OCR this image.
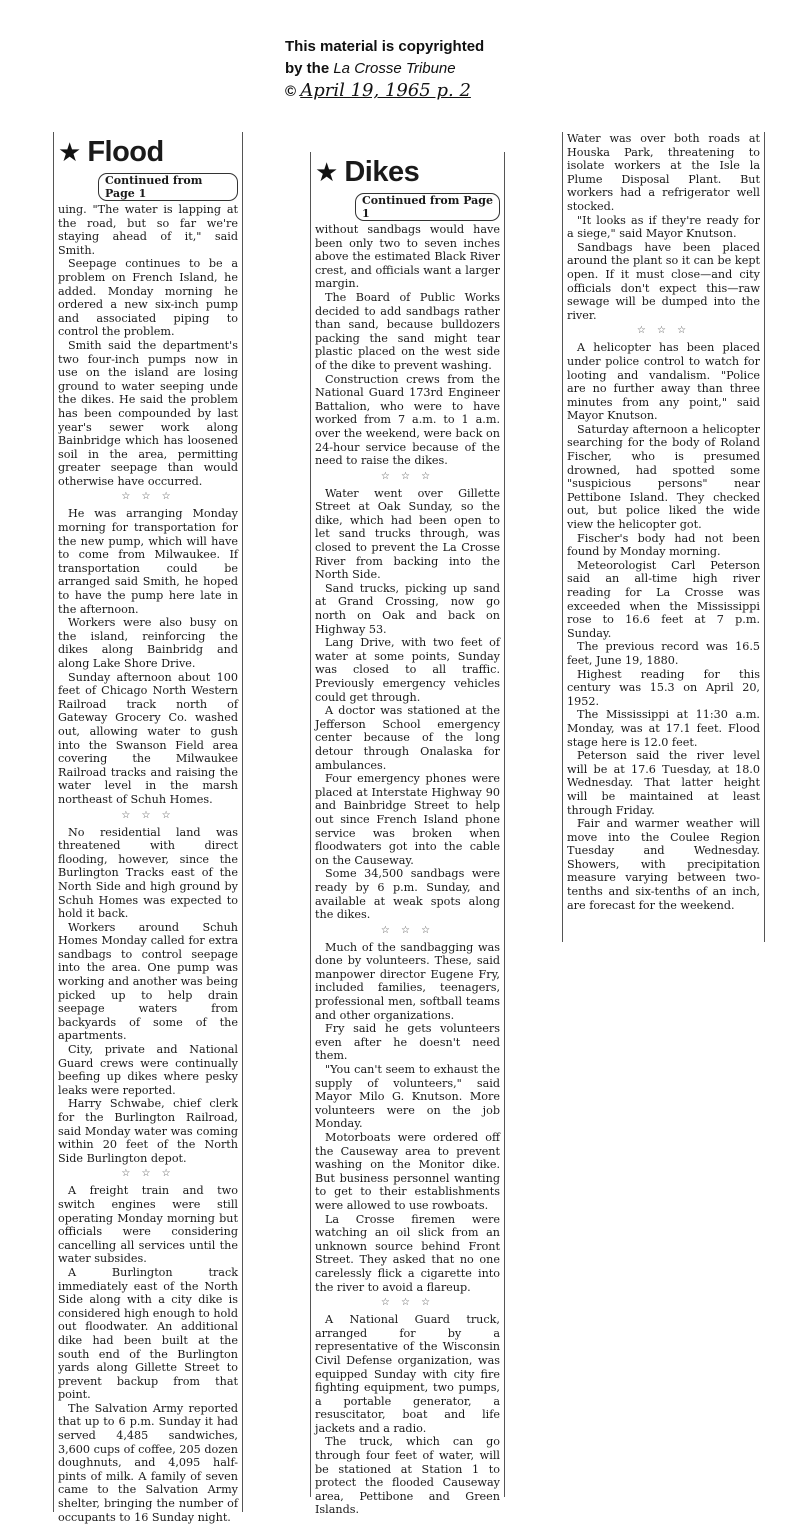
This material is copyrighted
by the La Crosse Tribune
© April 19, 1965 p. 2
★ Flood
Continued from Page 1

uing. "The water is lapping at the road, but so far we're staying ahead of it," said Smith.

Seepage continues to be a problem on French Island, he added. Monday morning he ordered a new six-inch pump and associated piping to control the problem.

Smith said the department's two four-inch pumps now in use on the island are losing ground to water seeping unde the dikes. He said the problem has been compounded by last year's sewer work along Bainbridge which has loosened soil in the area, permitting greater seepage than would otherwise have occurred.

☆ ☆ ☆

He was arranging Monday morning for transportation for the new pump, which will have to come from Milwaukee. If transportation could be arranged said Smith, he hoped to have the pump here late in the afternoon.

Workers were also busy on the island, reinforcing the dikes along Bainbridg and along Lake Shore Drive.

Sunday afternoon about 100 feet of Chicago North Western Railroad track north of Gateway Grocery Co. washed out, allowing water to gush into the Swanson Field area covering the Milwaukee Railroad tracks and raising the water level in the marsh northeast of Schuh Homes.

☆ ☆ ☆

No residential land was threatened with direct flooding, however, since the Burlington Tracks east of the North Side and high ground by Schuh Homes was expected to hold it back.

Workers around Schuh Homes Monday called for extra sandbags to control seepage into the area. One pump was working and another was being picked up to help drain seepage waters from backyards of some of the apartments.

City, private and National Guard crews were continually beefing up dikes where pesky leaks were reported.

Harry Schwabe, chief clerk for the Burlington Railroad, said Monday water was coming within 20 feet of the North Side Burlington depot.

☆ ☆ ☆

A freight train and two switch engines were still operating Monday morning but officials were considering cancelling all services until the water subsides.

A Burlington track immediately east of the North Side along with a city dike is considered high enough to hold out floodwater. An additional dike had been built at the south end of the Burlington yards along Gillette Street to prevent backup from that point.

The Salvation Army reported that up to 6 p.m. Sunday it had served 4,485 sandwiches, 3,600 cups of coffee, 205 dozen doughnuts, and 4,095 half-pints of milk. A family of seven came to the Salvation Army shelter, bringing the number of occupants to 16 Sunday night.

★ Dikes
Continued from Page 1

without sandbags would have been only two to seven inches above the estimated Black River crest, and officials want a larger margin.

The Board of Public Works decided to add sandbags rather than sand, because bulldozers packing the sand might tear plastic placed on the west side of the dike to prevent washing.

Construction crews from the National Guard 173rd Engineer Battalion, who were to have worked from 7 a.m. to 1 a.m. over the weekend, were back on 24-hour service because of the need to raise the dikes.

☆ ☆ ☆

Water went over Gillette Street at Oak Sunday, so the dike, which had been open to let sand trucks through, was closed to prevent the La Crosse River from backing into the North Side.

Sand trucks, picking up sand at Grand Crossing, now go north on Oak and back on Highway 53.

Lang Drive, with two feet of water at some points, Sunday was closed to all traffic. Previously emergency vehicles could get through.

A doctor was stationed at the Jefferson School emergency center because of the long detour through Onalaska for ambulances.

Four emergency phones were placed at Interstate Highway 90 and Bainbridge Street to help out since French Island phone service was broken when floodwaters got into the cable on the Causeway.

Some 34,500 sandbags were ready by 6 p.m. Sunday, and available at weak spots along the dikes.

☆ ☆ ☆

Much of the sandbagging was done by volunteers. These, said manpower director Eugene Fry, included families, teenagers, professional men, softball teams and other organizations.

Fry said he gets volunteers even after he doesn't need them.

"You can't seem to exhaust the supply of volunteers," said Mayor Milo G. Knutson. More volunteers were on the job Monday.

Motorboats were ordered off the Causeway area to prevent washing on the Monitor dike. But business personnel wanting to get to their establishments were allowed to use rowboats.

La Crosse firemen were watching an oil slick from an unknown source behind Front Street. They asked that no one carelessly flick a cigarette into the river to avoid a flareup.

☆ ☆ ☆

A National Guard truck, arranged for by a representative of the Wisconsin Civil Defense organization, was equipped Sunday with city fire fighting equipment, two pumps, a portable generator, a resuscitator, boat and life jackets and a radio.

The truck, which can go through four feet of water, will be stationed at Station 1 to protect the flooded Causeway area, Pettibone and Green Islands.

Water was over both roads at Houska Park, threatening to isolate workers at the Isle la Plume Disposal Plant. But workers had a refrigerator well stocked.

"It looks as if they're ready for a siege," said Mayor Knutson.

Sandbags have been placed around the plant so it can be kept open. If it must close—and city officials don't expect this—raw sewage will be dumped into the river.

☆ ☆ ☆

A helicopter has been placed under police control to watch for looting and vandalism. "Police are no further away than three minutes from any point," said Mayor Knutson.

Saturday afternoon a helicopter searching for the body of Roland Fischer, who is presumed drowned, had spotted some "suspicious persons" near Pettibone Island. They checked out, but police liked the wide view the helicopter got.

Fischer's body had not been found by Monday morning.

Meteorologist Carl Peterson said an all-time high river reading for La Crosse was exceeded when the Mississippi rose to 16.6 feet at 7 p.m. Sunday.

The previous record was 16.5 feet, June 19, 1880.

Highest reading for this century was 15.3 on April 20, 1952.

The Mississippi at 11:30 a.m. Monday, was at 17.1 feet. Flood stage here is 12.0 feet.

Peterson said the river level will be at 17.6 Tuesday, at 18.0 Wednesday. That latter height will be maintained at least through Friday.

Fair and warmer weather will move into the Coulee Region Tuesday and Wednesday. Showers, with precipitation measure varying between two-tenths and six-tenths of an inch, are forecast for the weekend.
